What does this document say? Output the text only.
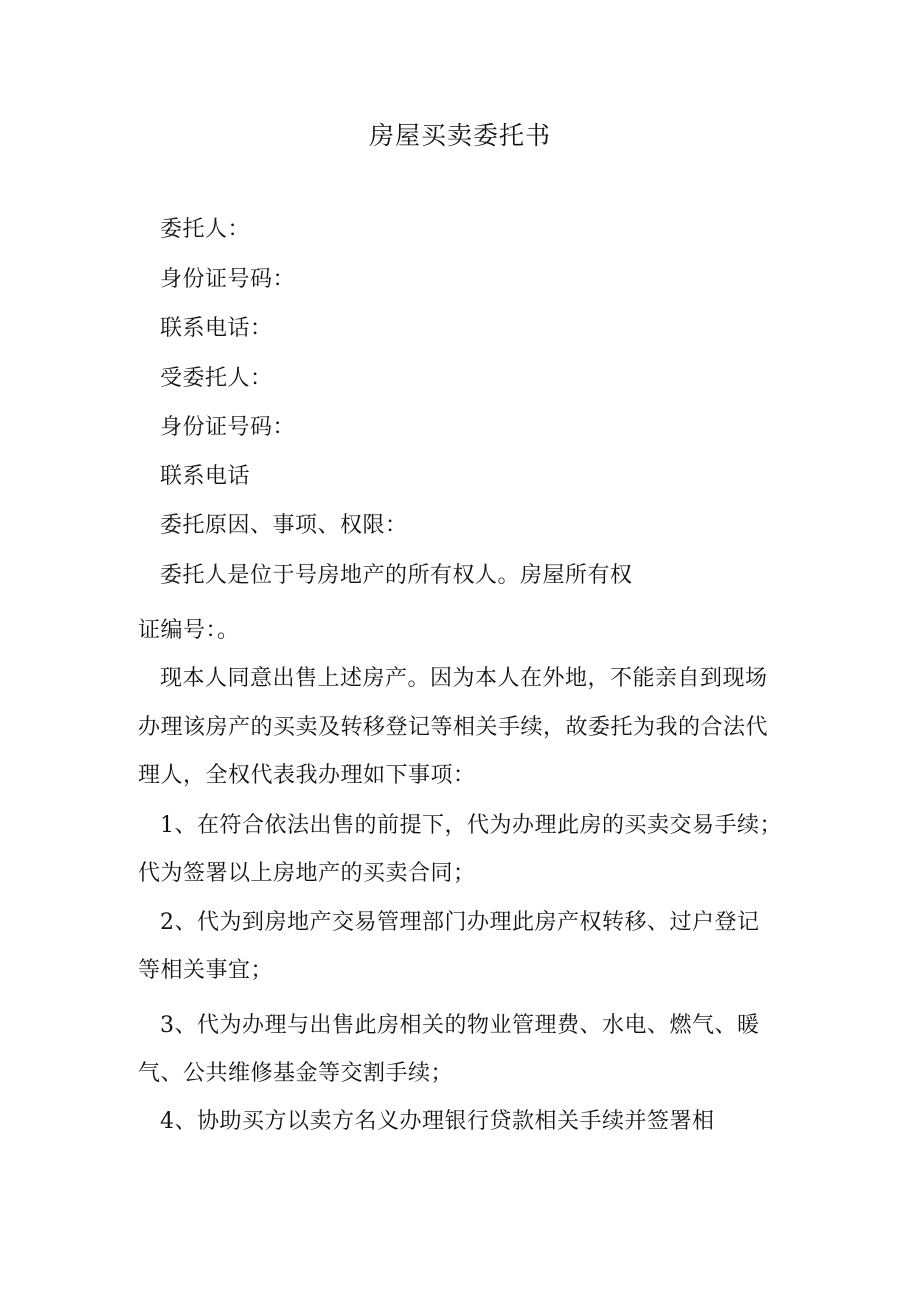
房屋买卖委托书
委托人：
身份证号码：
联系电话：
受委托人：
身份证号码：
联系电话
委托原因、事项、权限：
委托人是位于号房地产的所有权人。房屋所有权
证编号：。
现本人同意出售上述房产。因为本人在外地，不能亲自到现场
办理该房产的买卖及转移登记等相关手续，故委托为我的合法代
理人，全权代表我办理如下事项：
1、在符合依法出售的前提下，代为办理此房的买卖交易手续；
代为签署以上房地产的买卖合同；
2、代为到房地产交易管理部门办理此房产权转移、过户登记
等相关事宜；
3、代为办理与出售此房相关的物业管理费、水电、燃气、暖
气、公共维修基金等交割手续；
4、协助买方以卖方名义办理银行贷款相关手续并签署相
